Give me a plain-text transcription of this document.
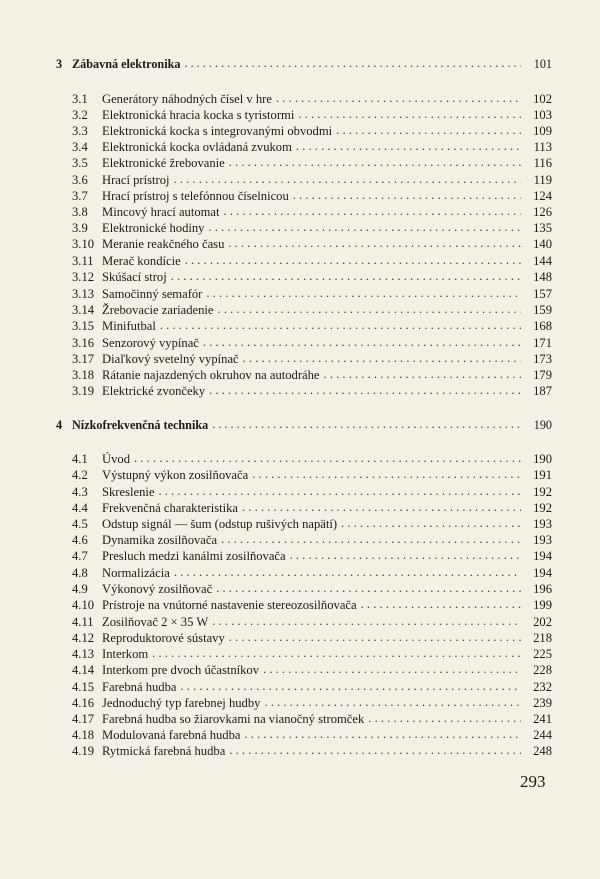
3 Zábavná elektronika . . .	101
3.1	Generátory náhodných čísel v hre . . .	102
3.2	Elektronická hracia kocka s tyristormi . . .	103
3.3	Elektronická kocka s integrovanými obvodmi . . .	109
3.4	Elektronická kocka ovládaná zvukom . . .	113
3.5	Elektronické žrebovanie . . .	116
3.6	Hrací prístroj . . .	119
3.7	Hrací prístroj s telefónnou číselnicou . . .	124
3.8	Mincový hrací automat . . .	126
3.9	Elektronické hodiny . . .	135
3.10 Meranie reakčného času . . .	140
3.11 Merač kondície . . .	144
3.12 Skúšací stroj . . .	148
3.13 Samočinný semafór . . .	157
3.14 Žrebovacie zariadenie . . .	159
3.15 Minifutbal . . .	168
3.16 Senzorový vypínač . . .	171
3.17 Diaľkový svetelný vypínač . . .	173
3.18 Rátanie najazdených okruhov na autodráhe . . .	179
3.19 Elektrické zvončeky . . .	187
4 Nízkofrekvenčná technika . . .	190
4.1	Úvod . . .	190
4.2	Výstupný výkon zosilňovača . . .	191
4.3	Skreslenie . . .	192
4.4	Frekvenčná charakteristika . . .	192
4.5	Odstup signál — šum (odstup rušivých napätí) . . .	193
4.6	Dynamika zosilňovača . . .	193
4.7	Presluch medzi kanálmi zosilňovača . . .	194
4.8	Normalizácia . . .	194
4.9	Výkonový zosilňovač . . .	196
4.10 Prístroje na vnútorné nastavenie stereozosilňovača . . .	199
4.11 Zosilňovač 2 × 35 W . . .	202
4.12 Reproduktorové sústavy . . .	218
4.13 Interkom . . .	225
4.14 Interkom pre dvoch účastníkov . . .	228
4.15 Farebná hudba . . .	232
4.16 Jednoduchý typ farebnej hudby . . .	239
4.17 Farebná hudba so žiarovkami na vianočný stromček . . .	241
4.18 Modulovaná farebná hudba . . .	244
4.19 Rytmická farebná hudba . . .	248
293
